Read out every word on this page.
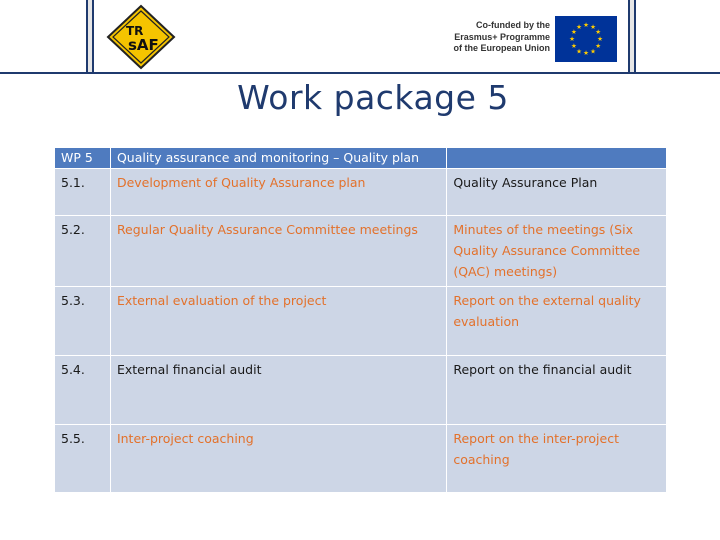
TR
sAF
Co-funded by the
Erasmus+ Programme
of the European Union
★ ★
★
★
★
★
★
★
★
★
★
★
Work package 5
WP 5	Quality assurance and monitoring – Quality plan	
5.1.	Development of Quality Assurance plan	Quality Assurance Plan
5.2.	Regular Quality Assurance Committee meetings	Minutes of the meetings (Six Quality Assurance Committee (QAC) meetings)
5.3.	External evaluation of the project	Report on the external quality evaluation
5.4.	External financial audit	Report on the financial audit
5.5.	Inter-project coaching	Report on the inter-project coaching
